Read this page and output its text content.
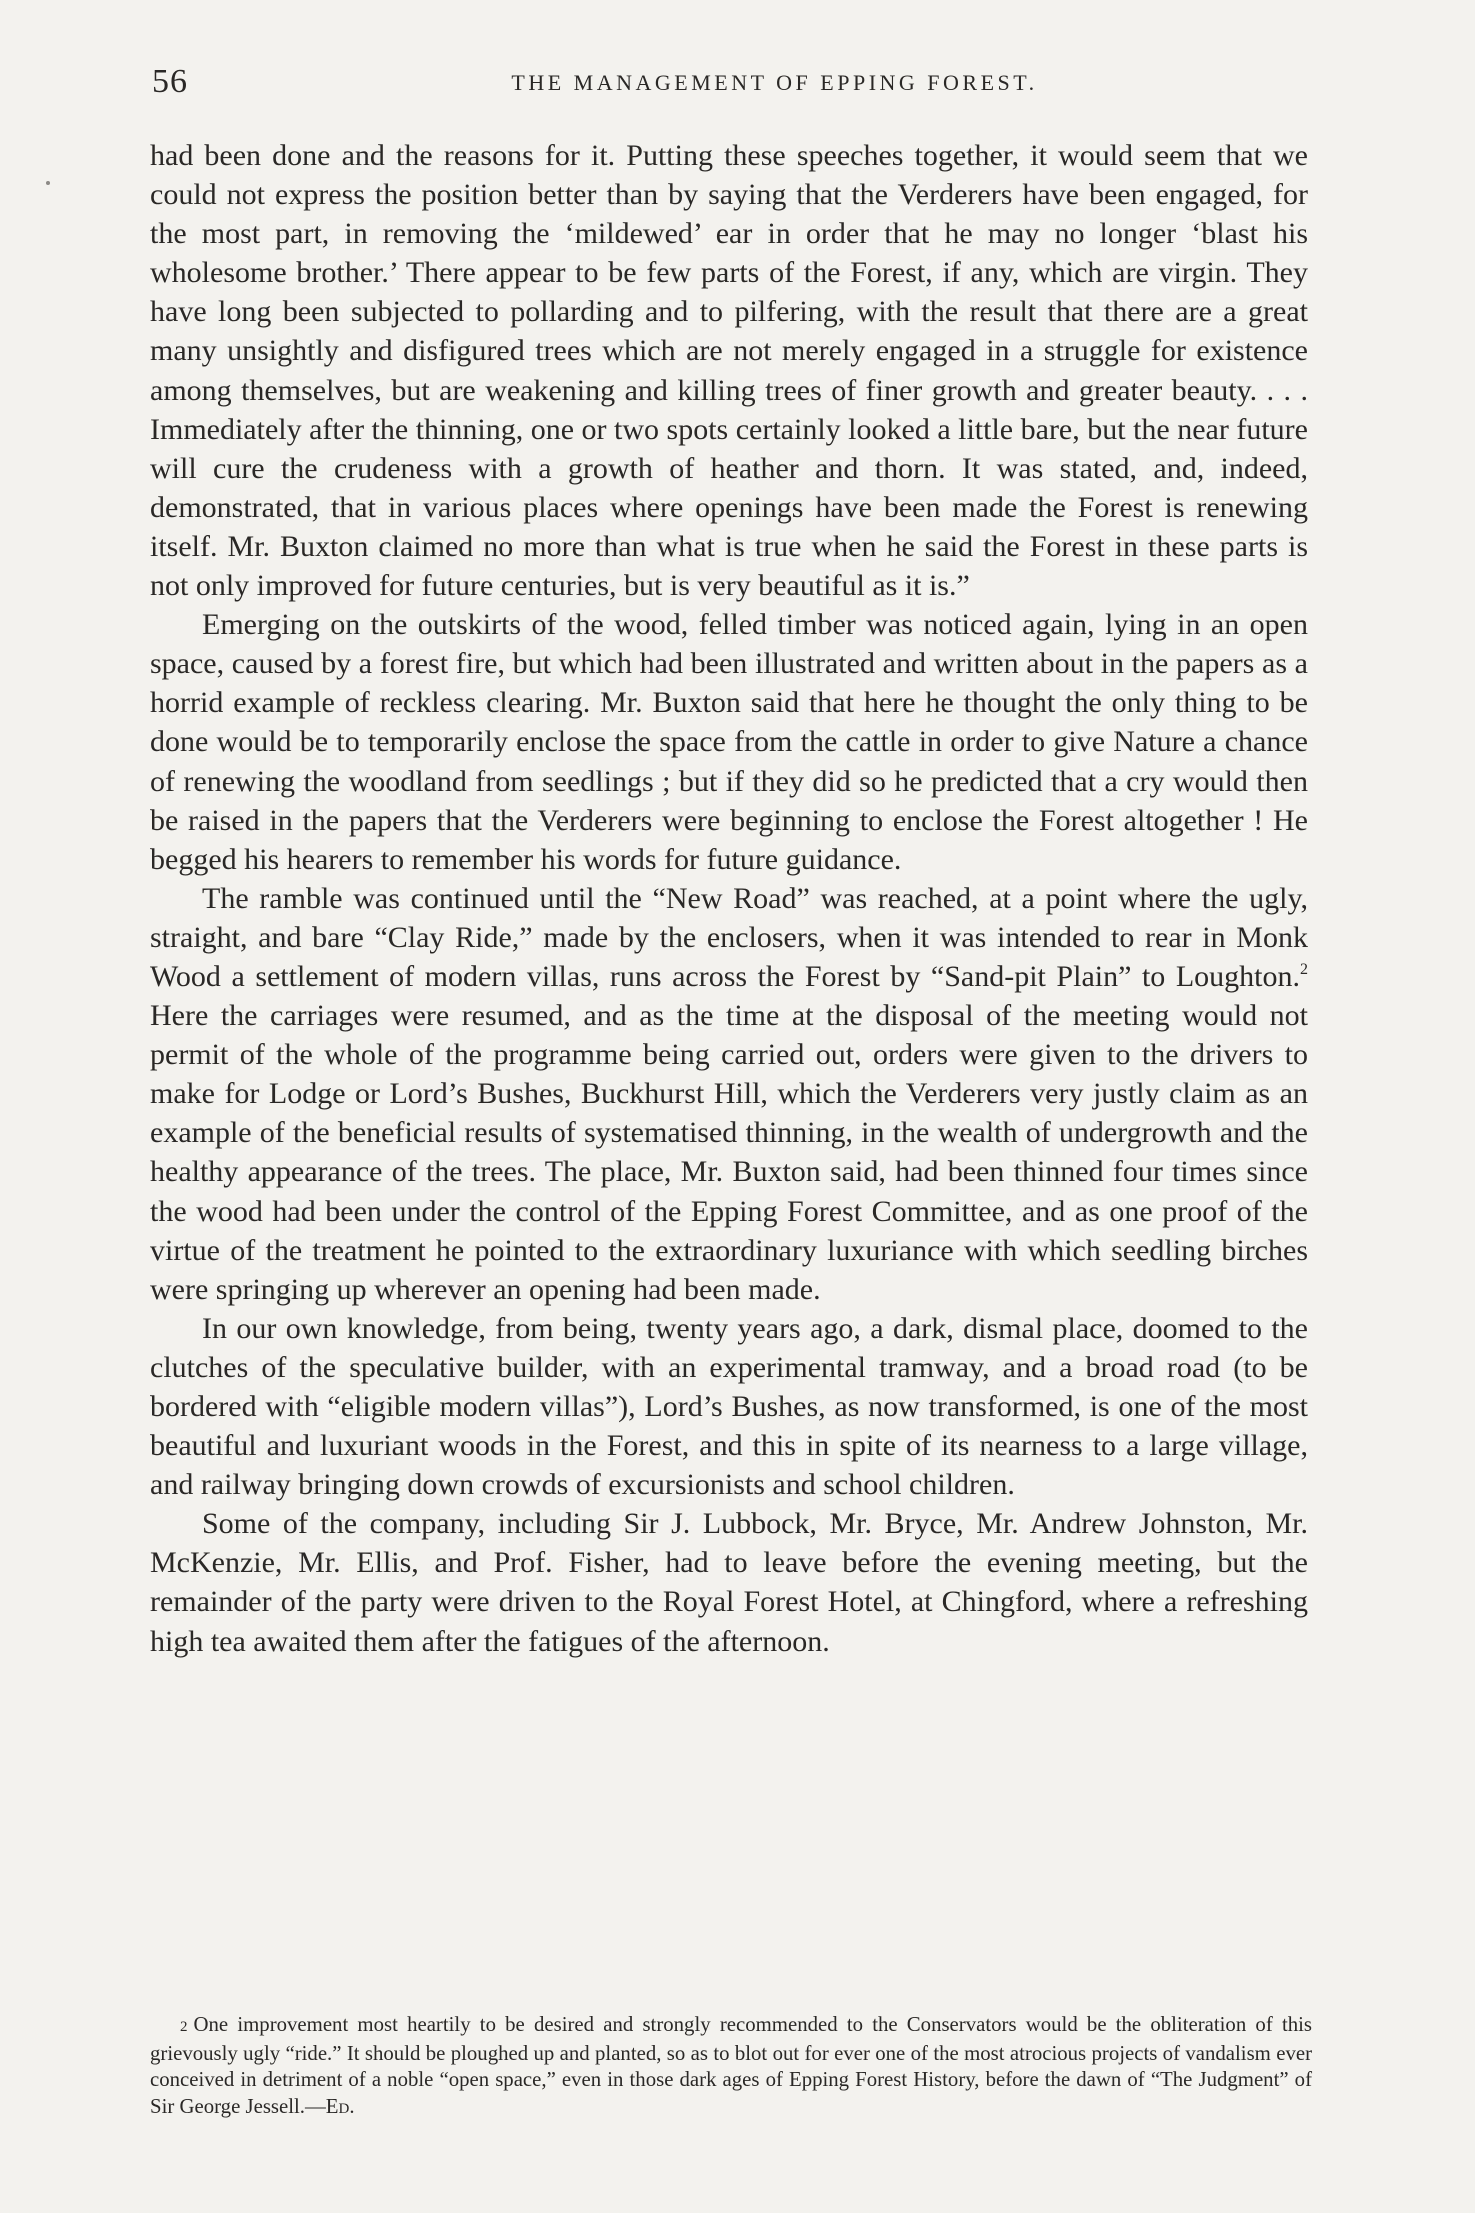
56	THE MANAGEMENT OF EPPING FOREST.

had been done and the reasons for it. Putting these speeches together, it would seem that we could not express the position better than by saying that the Verderers have been engaged, for the most part, in removing the ‘mildewed’ ear in order that he may no longer ‘blast his wholesome brother.’ There appear to be few parts of the Forest, if any, which are virgin. They have long been subjected to pollarding and to pilfering, with the result that there are a great many unsightly and disfigured trees which are not merely engaged in a struggle for existence among themselves, but are weakening and killing trees of finer growth and greater beauty. . . . Immediately after the thinning, one or two spots certainly looked a little bare, but the near future will cure the crudeness with a growth of heather and thorn. It was stated, and, indeed, demonstrated, that in various places where openings have been made the Forest is renewing itself. Mr. Buxton claimed no more than what is true when he said the Forest in these parts is not only improved for future centuries, but is very beautiful as it is.”

Emerging on the outskirts of the wood, felled timber was noticed again, lying in an open space, caused by a forest fire, but which had been illustrated and written about in the papers as a horrid example of reckless clearing. Mr. Buxton said that here he thought the only thing to be done would be to temporarily enclose the space from the cattle in order to give Nature a chance of renewing the woodland from seedlings ; but if they did so he predicted that a cry would then be raised in the papers that the Verderers were beginning to enclose the Forest altogether ! He begged his hearers to remember his words for future guidance.

The ramble was continued until the “New Road” was reached, at a point where the ugly, straight, and bare “Clay Ride,” made by the enclosers, when it was intended to rear in Monk Wood a settlement of modern villas, runs across the Forest by “Sand-pit Plain” to Loughton.$^2$ Here the carriages were resumed, and as the time at the disposal of the meeting would not permit of the whole of the programme being carried out, orders were given to the drivers to make for Lodge or Lord’s Bushes, Buckhurst Hill, which the Verderers very justly claim as an example of the beneficial results of systematised thinning, in the wealth of undergrowth and the healthy appearance of the trees. The place, Mr. Buxton said, had been thinned four times since the wood had been under the control of the Epping Forest Committee, and as one proof of the virtue of the treatment he pointed to the extraordinary luxuriance with which seedling birches were springing up wherever an opening had been made.

In our own knowledge, from being, twenty years ago, a dark, dismal place, doomed to the clutches of the speculative builder, with an experimental tramway, and a broad road (to be bordered with “eligible modern villas”), Lord’s Bushes, as now transformed, is one of the most beautiful and luxuriant woods in the Forest, and this in spite of its nearness to a large village, and railway bringing down crowds of excursionists and school children.

Some of the company, including Sir J. Lubbock, Mr. Bryce, Mr. Andrew Johnston, Mr. McKenzie, Mr. Ellis, and Prof. Fisher, had to leave before the evening meeting, but the remainder of the party were driven to the Royal Forest Hotel, at Chingford, where a refreshing high tea awaited them after the fatigues of the afternoon.

2 One improvement most heartily to be desired and strongly recommended to the Conservators would be the obliteration of this grievously ugly “ride.” It should be ploughed up and planted, so as to blot out for ever one of the most atrocious projects of vandalism ever conceived in detriment of a noble “open space,” even in those dark ages of Epping Forest History, before the dawn of “The Judgment” of Sir George Jessell.—Ed.
